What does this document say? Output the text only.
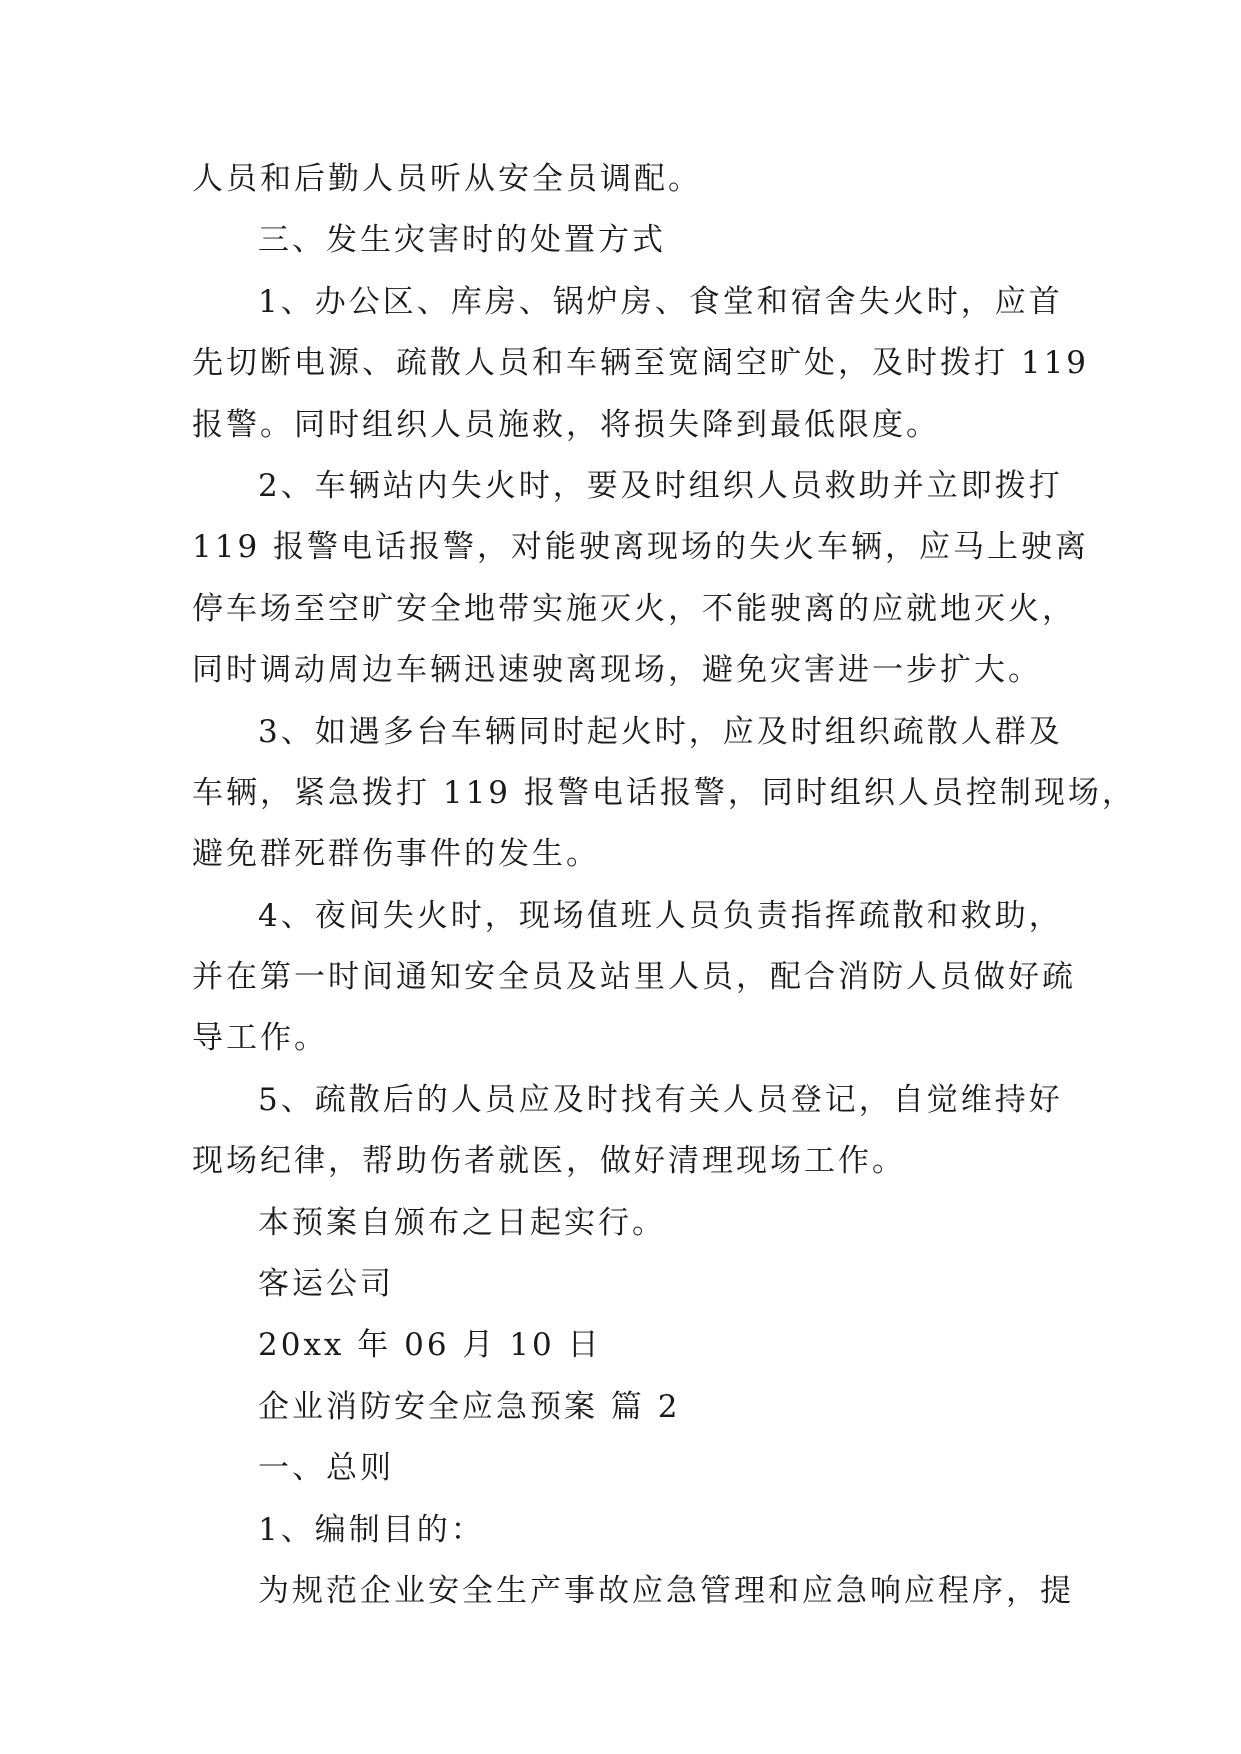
人员和后勤人员听从安全员调配。
三、发生灾害时的处置方式
1、办公区、库房、锅炉房、食堂和宿舍失火时，应首
先切断电源、疏散人员和车辆至宽阔空旷处，及时拨打 119
报警。同时组织人员施救，将损失降到最低限度。
2、车辆站内失火时，要及时组织人员救助并立即拨打
119 报警电话报警，对能驶离现场的失火车辆，应马上驶离
停车场至空旷安全地带实施灭火，不能驶离的应就地灭火，
同时调动周边车辆迅速驶离现场，避免灾害进一步扩大。
3、如遇多台车辆同时起火时，应及时组织疏散人群及
车辆，紧急拨打 119 报警电话报警，同时组织人员控制现场，
避免群死群伤事件的发生。
4、夜间失火时，现场值班人员负责指挥疏散和救助，
并在第一时间通知安全员及站里人员，配合消防人员做好疏
导工作。
5、疏散后的人员应及时找有关人员登记，自觉维持好
现场纪律，帮助伤者就医，做好清理现场工作。
本预案自颁布之日起实行。
客运公司
20xx 年 06 月 10 日
企业消防安全应急预案 篇 2
一、总则
1、编制目的：
为规范企业安全生产事故应急管理和应急响应程序，提
